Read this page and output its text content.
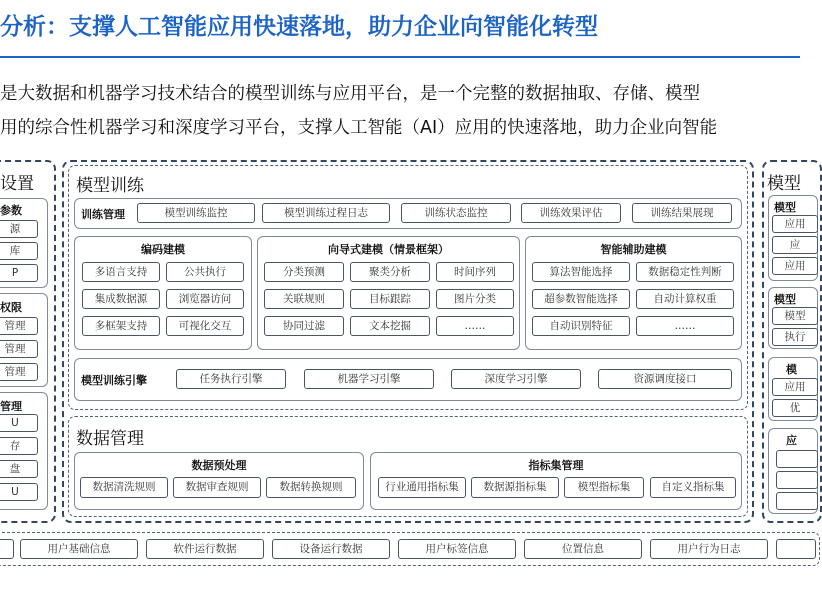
分析：支撑人工智能应用快速落地，助力企业向智能化转型
是大数据和机器学习技术结合的模型训练与应用平台，是一个完整的数据抽取、存储、模型
用的综合性机器学习和深度学习平台，支撑人工智能（AI）应用的快速落地，助力企业向智能
设置
参数
源
库
P
权限
管理
管理
管理
管理
U
存
盘
U
模型训练
训练管理	模型训练监控	模型训练过程日志	训练状态监控	训练效果评估	训练结果展现
编码建模
多语言支持	公共执行
集成数据源	浏览器访问
多框架支持	可视化交互
向导式建模（情景框架）
分类预测	聚类分析	时间序列
关联规则	目标跟踪	图片分类
协同过滤	文本挖掘	……
智能辅助建模
算法智能选择	数据稳定性判断
超参数智能选择	自动计算权重
自动识别特征	……
模型训练引擎	任务执行引擎	机器学习引擎	深度学习引擎	资源调度接口
数据管理
数据预处理
数据清洗规则	数据审查规则	数据转换规则
指标集管理
行业通用指标集	数据源指标集	模型指标集	自定义指标集
模型
模型
应用
应
应用
模型
模型
执行
模
应用
优
应
用户基础信息	软件运行数据	设备运行数据	用户标签信息	位置信息	用户行为日志
